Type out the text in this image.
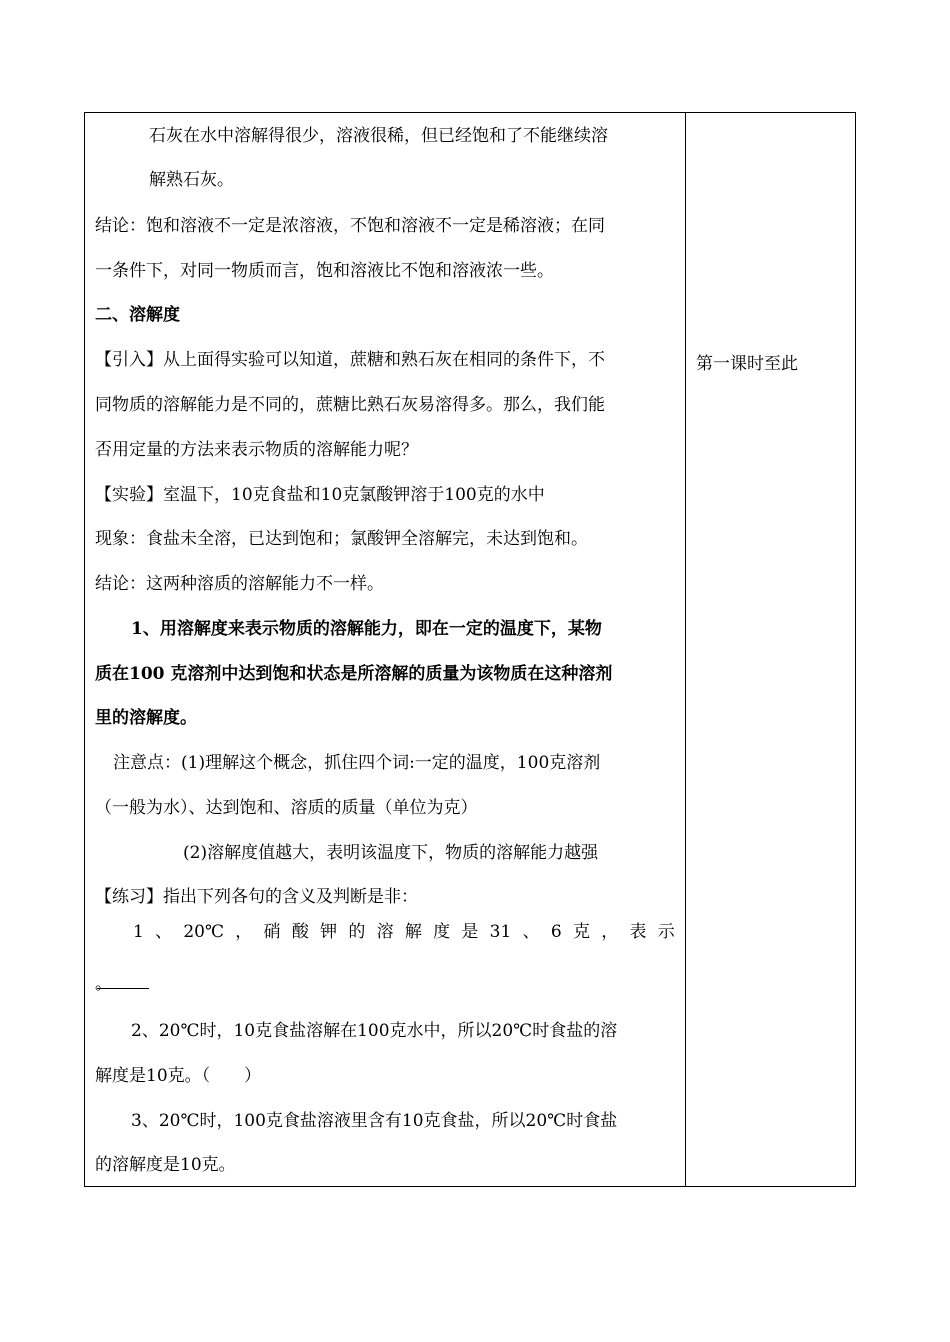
石灰在水中溶解得很少，溶液很稀，但已经饱和了不能继续溶
解熟石灰。
结论：饱和溶液不一定是浓溶液，不饱和溶液不一定是稀溶液；在同
一条件下，对同一物质而言，饱和溶液比不饱和溶液浓一些。
二、溶解度
【引入】从上面得实验可以知道，蔗糖和熟石灰在相同的条件下，不
同物质的溶解能力是不同的，蔗糖比熟石灰易溶得多。那么，我们能
否用定量的方法来表示物质的溶解能力呢？
【实验】室温下，10克食盐和10克氯酸钾溶于100克的水中
现象：食盐未全溶，已达到饱和；氯酸钾全溶解完，未达到饱和。
结论：这两种溶质的溶解能力不一样。
1、用溶解度来表示物质的溶解能力，即在一定的温度下，某物
质在100 克溶剂中达到饱和状态是所溶解的质量为该物质在这种溶剂
里的溶解度。
注意点：(1)理解这个概念，抓住四个词:一定的温度，100克溶剂
（一般为水）、达到饱和、溶质的质量（单位为克）
(2)溶解度值越大，表明该温度下，物质的溶解能力越强
【练习】指出下列各句的含义及判断是非：
1 、 20℃ ， 硝 酸 钾 的 溶 解 度 是 31 、 6 克 ， 表 示
。
2、20℃时，10克食盐溶解在100克水中，所以20℃时食盐的溶
解度是10克。（　　）
3、20℃时，100克食盐溶液里含有10克食盐，所以20℃时食盐
的溶解度是10克。
第一课时至此
